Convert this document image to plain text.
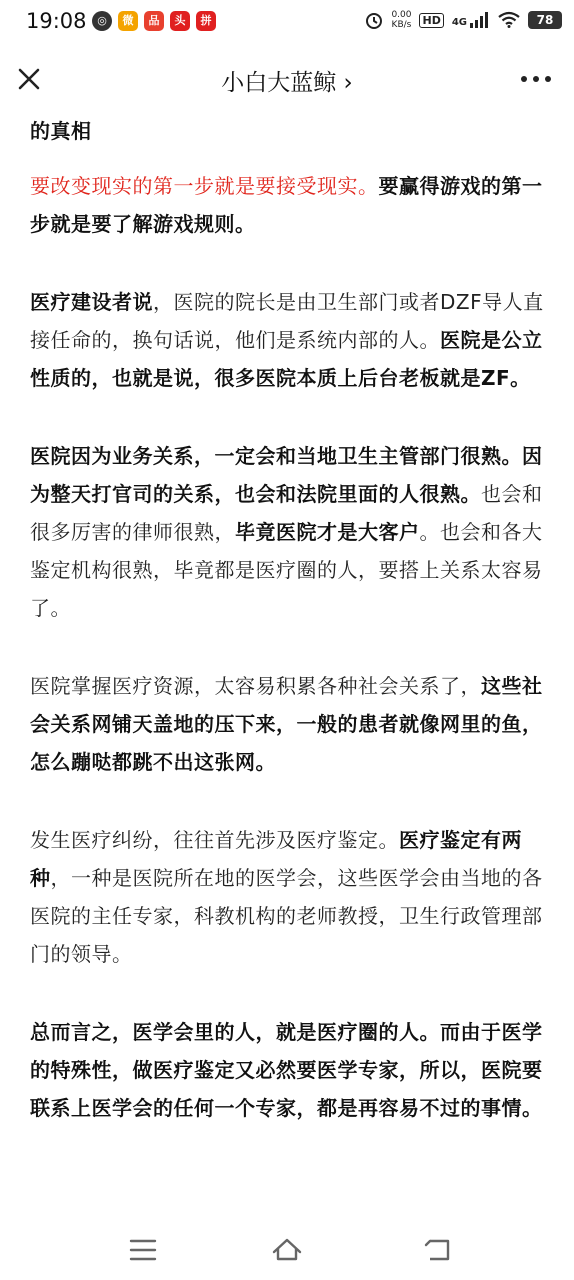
19:08 ◎	微	品	头	拼	0.00
KB/s HD	4G	78
小白大蓝鲸 ›

的真相

要改变现实的第一步就是要接受现实。要赢得游戏的第一步就是要了解游戏规则。

医疗建设者说，医院的院长是由卫生部门或者DZF导人直接任命的，换句话说，他们是系统内部的人。医院是公立性质的，也就是说，很多医院本质上后台老板就是ZF。

医院因为业务关系，一定会和当地卫生主管部门很熟。因为整天打官司的关系，也会和法院里面的人很熟。也会和很多厉害的律师很熟，毕竟医院才是大客户。也会和各大鉴定机构很熟，毕竟都是医疗圈的人，要搭上关系太容易了。

医院掌握医疗资源，太容易积累各种社会关系了，这些社会关系网铺天盖地的压下来，一般的患者就像网里的鱼，怎么蹦哒都跳不出这张网。

发生医疗纠纷，往往首先涉及医疗鉴定。医疗鉴定有两种，一种是医院所在地的医学会，这些医学会由当地的各医院的主任专家，科教机构的老师教授，卫生行政管理部门的领导。

总而言之，医学会里的人，就是医疗圈的人。而由于医学的特殊性，做医疗鉴定又必然要医学专家，所以，医院要联系上医学会的任何一个专家，都是再容易不过的事情。
